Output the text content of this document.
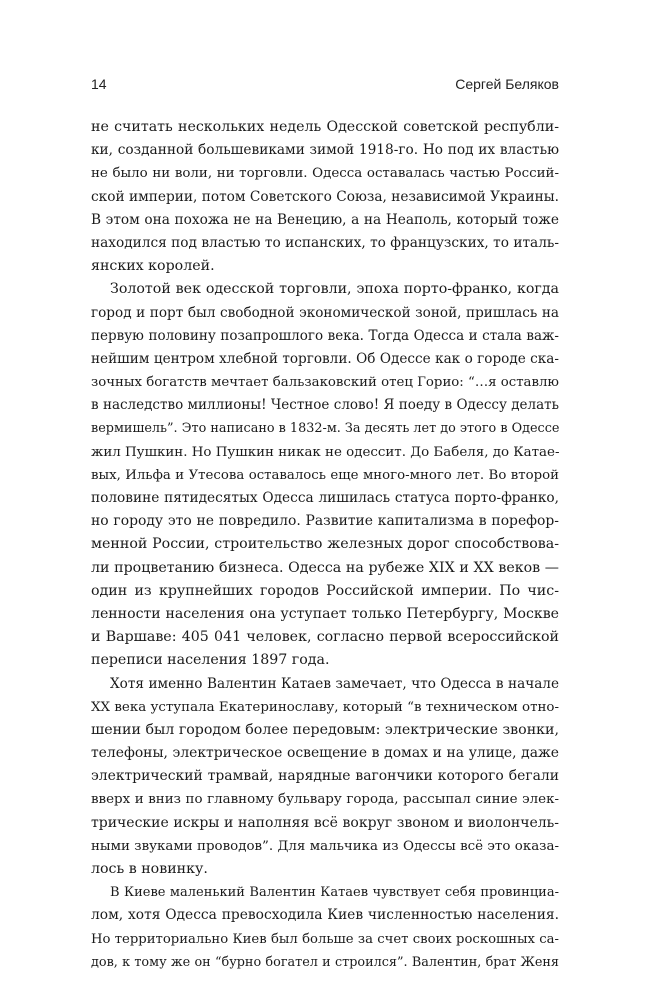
14	Сергей Беляков
не считать нескольких недель Одесской советской республи-
ки, созданной большевиками зимой 1918-го. Но под их властью
не было ни воли, ни торговли. Одесса оставалась частью Россий-
ской империи, потом Советского Союза, независимой Украины.
В этом она похожа не на Венецию, а на Неаполь, который тоже
находился под властью то испанских, то французских, то италь-
янских королей.
Золотой век одесской торговли, эпоха порто-франко, когда
город и порт был свободной экономической зоной, пришлась на
первую половину позапрошлого века. Тогда Одесса и стала важ-
нейшим центром хлебной торговли. Об Одессе как о городе ска-
зочных богатств мечтает бальзаковский отец Горио: “…я оставлю
в наследство миллионы! Честное слово! Я поеду в Одессу делать
вермишель”. Это написано в 1832-м. За десять лет до этого в Одессе
жил Пушкин. Но Пушкин никак не одессит. До Бабеля, до Катае-
вых, Ильфа и Утесова оставалось еще много-много лет. Во второй
половине пятидесятых Одесса лишилась статуса порто-франко,
но городу это не повредило. Развитие капитализма в порефор-
менной России, строительство железных дорог способствова-
ли процветанию бизнеса. Одесса на рубеже XIX и XX веков —
один из крупнейших городов Российской империи. По чис-
ленности населения она уступает только Петербургу, Москве
и Варшаве: 405 041 человек, согласно первой всероссийской
переписи населения 1897 года.
Хотя именно Валентин Катаев замечает, что Одесса в начале
XX века уступала Екатеринославу, который “в техническом отно-
шении был городом более передовым: электрические звонки,
телефоны, электрическое освещение в домах и на улице, даже
электрический трамвай, нарядные вагончики которого бегали
вверх и вниз по главному бульвару города, рассыпал синие элек-
трические искры и наполняя всё вокруг звоном и виолончель-
ными звуками проводов”. Для мальчика из Одессы всё это оказа-
лось в новинку.
В Киеве маленький Валентин Катаев чувствует себя провинциа-
лом, хотя Одесса превосходила Киев численностью населения.
Но территориально Киев был больше за счет своих роскошных са-
дов, к тому же он “бурно богател и строился”. Валентин, брат Женя
